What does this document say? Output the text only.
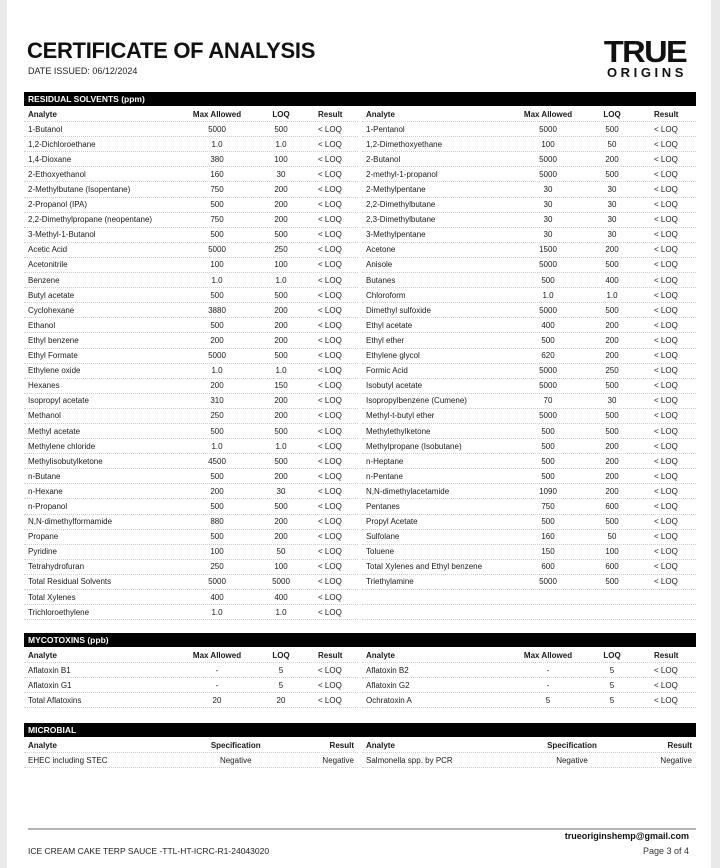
CERTIFICATE OF ANALYSIS
DATE ISSUED: 06/12/2024
TRUE
ORIGINS
RESIDUAL SOLVENTS (ppm)
Analyte	Max Allowed	LOQ	Result
1-Butanol	5000	500	< LOQ
1,2-Dichloroethane	1.0	1.0	< LOQ
1,4-Dioxane	380	100	< LOQ
2-Ethoxyethanol	160	30	< LOQ
2-Methylbutane (Isopentane)	750	200	< LOQ
2-Propanol (IPA)	500	200	< LOQ
2,2-Dimethylpropane (neopentane)	750	200	< LOQ
3-Methyl-1-Butanol	500	500	< LOQ
Acetic Acid	5000	250	< LOQ
Acetonitrile	100	100	< LOQ
Benzene	1.0	1.0	< LOQ
Butyl acetate	500	500	< LOQ
Cyclohexane	3880	200	< LOQ
Ethanol	500	200	< LOQ
Ethyl benzene	200	200	< LOQ
Ethyl Formate	5000	500	< LOQ
Ethylene oxide	1.0	1.0	< LOQ
Hexanes	200	150	< LOQ
Isopropyl acetate	310	200	< LOQ
Methanol	250	200	< LOQ
Methyl acetate	500	500	< LOQ
Methylene chloride	1.0	1.0	< LOQ
Methylisobutylketone	4500	500	< LOQ
n-Butane	500	200	< LOQ
n-Hexane	200	30	< LOQ
n-Propanol	500	500	< LOQ
N,N-dimethylformamide	880	200	< LOQ
Propane	500	200	< LOQ
Pyridine	100	50	< LOQ
Tetrahydrofuran	250	100	< LOQ
Total Residual Solvents	5000	5000	< LOQ
Total Xylenes	400	400	< LOQ
Trichloroethylene	1.0	1.0	< LOQ
Analyte	Max Allowed	LOQ	Result
1-Pentanol	5000	500	< LOQ
1,2-Dimethoxyethane	100	50	< LOQ
2-Butanol	5000	200	< LOQ
2-methyl-1-propanol	5000	500	< LOQ
2-Methylpentane	30	30	< LOQ
2,2-Dimethylbutane	30	30	< LOQ
2,3-Dimethylbutane	30	30	< LOQ
3-Methylpentane	30	30	< LOQ
Acetone	1500	200	< LOQ
Anisole	5000	500	< LOQ
Butanes	500	400	< LOQ
Chloroform	1.0	1.0	< LOQ
Dimethyl sulfoxide	5000	500	< LOQ
Ethyl acetate	400	200	< LOQ
Ethyl ether	500	200	< LOQ
Ethylene glycol	620	200	< LOQ
Formic Acid	5000	250	< LOQ
Isobutyl acetate	5000	500	< LOQ
Isopropylbenzene (Cumene)	70	30	< LOQ
Methyl-t-butyl ether	5000	500	< LOQ
Methylethylketone	500	500	< LOQ
Methylpropane (Isobutane)	500	200	< LOQ
n-Heptane	500	200	< LOQ
n-Pentane	500	200	< LOQ
N,N-dimethylacetamide	1090	200	< LOQ
Pentanes	750	600	< LOQ
Propyl Acetate	500	500	< LOQ
Sulfolane	160	50	< LOQ
Toluene	150	100	< LOQ
Total Xylenes and Ethyl benzene	600	600	< LOQ
Triethylamine	5000	500	< LOQ
MYCOTOXINS (ppb)
Analyte	Max Allowed	LOQ	Result
Aflatoxin B1	-	5	< LOQ
Aflatoxin G1	-	5	< LOQ
Total Aflatoxins	20	20	< LOQ
Analyte	Max Allowed	LOQ	Result
Aflatoxin B2	-	5	< LOQ
Aflatoxin G2	-	5	< LOQ
Ochratoxin A	5	5	< LOQ
MICROBIAL
Analyte	Specification	Result
EHEC including STEC	Negative	Negative
Analyte	Specification	Result
Salmonella spp. by PCR	Negative	Negative
ICE CREAM CAKE TERP SAUCE -TTL-HT-ICRC-R1-24043020
trueoriginshemp@gmail.com
Page 3 of 4
